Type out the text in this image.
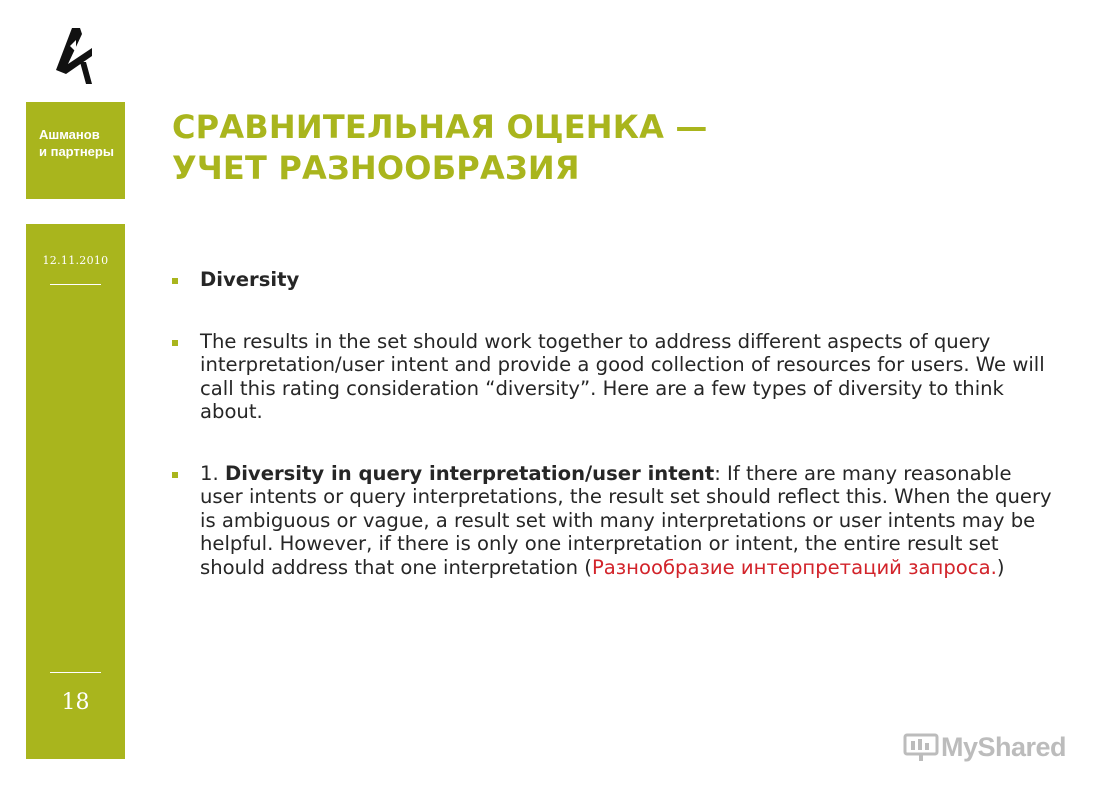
Ашманов
и партнеры
12.11.2010
18
СРАВНИТЕЛЬНАЯ ОЦЕНКА —
УЧЕТ РАЗНООБРАЗИЯ
Diversity
The results in the set should work together to address different aspects of query interpretation/user intent and provide a good collection of resources for users. We will call this rating consideration “diversity”. Here are a few types of diversity to think about.
1. Diversity in query interpretation/user intent: If there are many reasonable user intents or query interpretations, the result set should reflect this. When the query is ambiguous or vague, a result set with many interpretations or user intents may be helpful. However, if there is only one interpretation or intent, the entire result set should address that one interpretation (Разнообразие интерпретаций запроса.)
MyShared
